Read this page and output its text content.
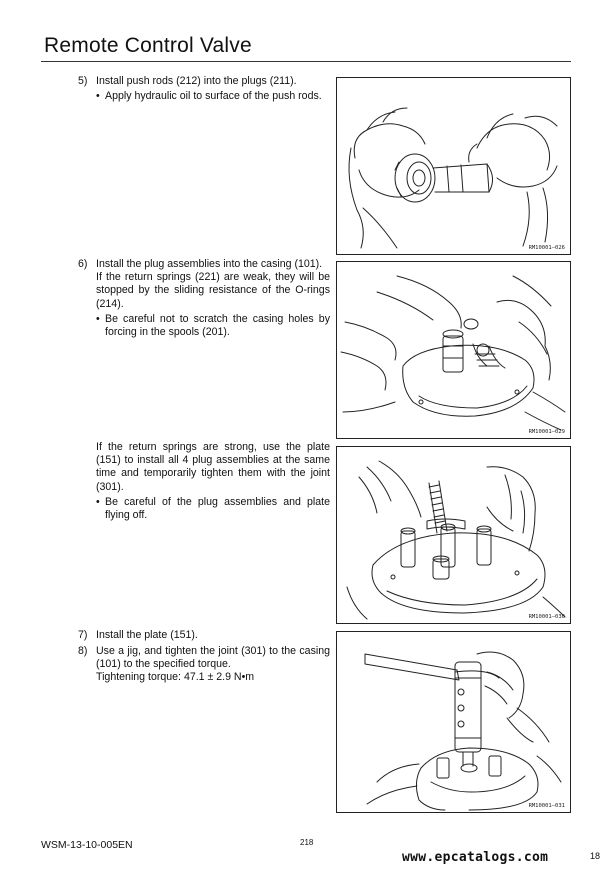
Remote Control Valve
5) Install push rods (212) into the plugs (211).
• Apply hydraulic oil to surface of the push rods.
6) Install the plug assemblies into the casing (101).

If the return springs (221) are weak, they will be stopped by the sliding resistance of the O-rings (214).

• Be careful not to scratch the casing holes by forcing in the spools (201).

If the return springs are strong, use the plate (151) to install all 4 plug assemblies at the same time and temporarily tighten them with the joint (301).

• Be careful of the plug assemblies and plate flying off.
7) Install the plate (151).
8) Use a jig, and tighten the joint (301) to the casing (101) to the specified torque.

Tightening torque: 47.1 ± 2.9 N•m

RM10001—026
RM10001—029
RM10001—030
RM10001—031
WSM-13-10-005EN	218
www.epcatalogs.com	18
